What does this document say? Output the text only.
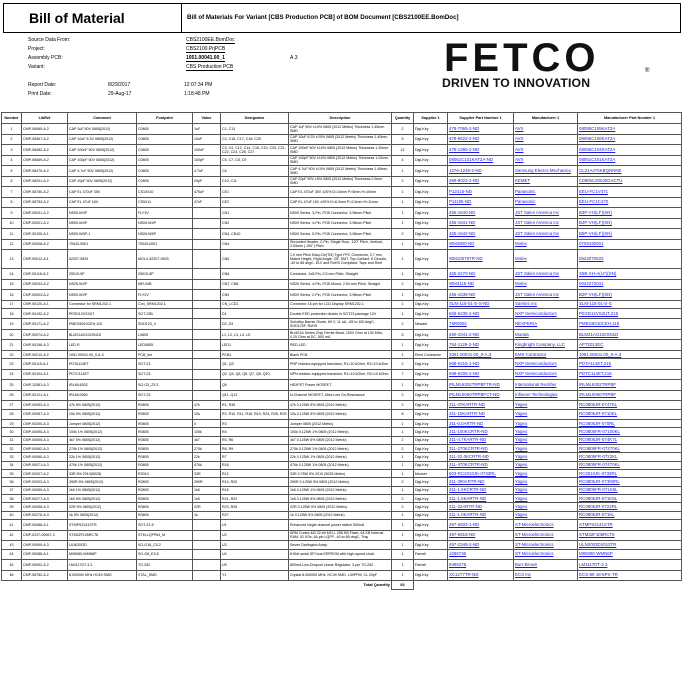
Bill of Material	Bill of Materials For Variant [CBS Production PCB] of BOM Document [CBS2100EE.BomDoc]
Source Data From:	CBS2100EE.BomDoc
Project:	CBS2100.PrjPCB
Assembly PCB:	1051.00041.00_1	A.3
Variant:	CBS Production PCB
Report Date:	8/29/2017	12:07:34 PM
Print Date:	29-Aug-17	1:18:48 PM
FETCO
DRIVEN TO INNOVATION
®
Number	LibRef	Comment	Footprint	Value	Designator	Description	Quantity	Supplier 1	Supplier Part Number 1	Manufacturer 1	Manufacturer Part Number 1
1	CMP-08465-A.2	CAP 1uF 50V 0805(2012)	C0805	1uF	C1, C13	CAP 1uF 50V ±10% 0805 (2012 Metric) Thickness 1.45mm SMD	2	Digi-Key	478-7065-2-ND	AVX	08055C105KAT2A
2	CMP-08467-A.2	CAP 10uF 6.3V 0805(2012)	C0805	10uF	C2, C15, C17, C18, C25	CAP 10uF 6.3V ±20% 0805 (2012 Metric) Thickness 1.40mm SMD	5	Digi-Key	478-5522-2-ND	AVX	08056C106KAT2A
3	CMP-08482-A.2	CAP 100nF 50V 0805(2012)	C0805	100nF	C3, C4, C12, C14, C16, C19, C20, C21, C22, C24, C26, C27	CAP 100nF 50V ±10% 0805 (2012 Metric) Thickness 1.30mm SMD	12	Digi-Key	478-1395-2-ND	AVX	08055C104KAT2A
4	CMP-08469-A.2	CAP 100pF 50V 0805(2012)	C0805	100pF	C5, C7, C8, C9	CAP 100pF 50V ±10% 0805 (2012 Metric) Thickness 1.02mm SMD	4	Digi-Key	08051C101KAT2A-ND	AVX	08051C101KAT2A
5	CMP-08470-A.2	CAP 4.7uF 50V 0805(2012)	C0805	4.7uF	C6	CAP 4.7uF 50V ±10% 0805 (2012 Metric) Thickness 1.45mm SMD	1	Digi-Key	1276-1248-2-ND	Samsung Electro-Mechanics	CL21A475KBQNNNE
6	CMP-08201-A.2	CAP 20pF 50V 0805(2012)	C0805	20pF	C10, C11	CAP 20pF 50V ±5% 0805 (2012 Metric) Thickness 0.9mm SMD	2	Digi-Key	399-8023-2-ND	KEMET	C0805C200J5GACTU
7	CMP-08750-A.2	CAP EL 470uF 35V	CS10X10	470uF	CE1	CAP EL 470uF 35V ±20% D=10mm P=5mm H=10mm	1	Digi-Key	P12416-ND	Panasonic	EEU-FC1V471
8	CMP-08753-A.2	CAP EL 47uF 16V	CS5X11	47uF	CE2	CAP EL 47uF 16V ±20% D=6.3mm P=2.5mm H=11mm	1	Digi-Key	P11195-ND	Panasonic	EEU-FC1C470
9	CMP-00031-A.2	NS09-W3P	FLY3V		CN1	NS09 Series, 3-Pin, PCB Connector, 3.96mm Pitch	1	Digi-Key	455-1640-ND	JST Sales America Inc	B3P-VH(LF)(SN)
10	CMP-00021-A.2	NS09-W4P	NS09-W4P		CN2	NS09 Series, 4-Pin, PCB Connector, 3.96mm Pitch	1	Digi-Key	455-1641-ND	JST Sales America Inc	B4P-VH(LF)(SN)
11	CMP-00105-A.1	NS09-W5P-1	NS09-W5P		CN3, CN10	NS09 Series, 5-Pin, PCB Connector, 3.96mm Pitch	2	Digi-Key	455-1642-ND	JST Sales America Inc	B5P-VH(LF)(SN)
12	CMP-00008-A.2	70543-0001	70543-0001		CN4	Shrouded Header, 2-Pin, Single Row, .120" Pitch, Vertical, 2.54mm (.100") Pitch	1	Digi-Key	WM4800-ND	Molex	0705430001
13	CMP-00012-A.1	52207-0633	MOLX-52207-0633		CN5	1.0 mm Pitch Easy-On(TM) Type FPC Connector, 2.7 mm Mated Height, Right Angle, ZIF, SMT, Top Contact, 6 Circuits, -40 to 85 degC, ELV and RoHS Compliant, Tape and Reel	1	Digi-Key	WM10576TR-ND	Molex	0522070633
14	CMP-00116-A.2	25019-5P	25019-5P		CN6	Connector, 1x5-Pin, 2.5 mm Pitch, Straight	1	Digi-Key	455-2270-ND	JST Sales America Inc	S5B-XH-A(LF)(SN)
15	CMP-00033-A.2	NS25-W4P	WR-04B		CN7, CN8	NS25 Series, 4-Pin, PCB Mount, 2.54 mm Pitch, Straight	2	Digi-Key	WM4115-ND	Molex	0022272041
16	CMP-00003-A.2	NS09-W2P	FLY2V		CN9	NS09 Series, 2-Pin, PCB Connector, 3.96mm Pitch	1	Digi-Key	455-1639-ND	JST Sales America Inc	B2P-VH(LF)(SN)
17	CMP-00120-A.1	Connector for SRM1202-1	Con_SRM1202-1		CN_LCD1	Connector 15-pin for LCD Display SRM1202-1	1	Digi-Key	SLM-115-01-S-S-ND	Samtec Inc	SLM-115-01-S-S
18	CMP-00192-A.2	PESD12VS2UT	SOT-23B		D1	Double ESD protection diodes in SOT23 package 12V	1	Digi-Key	568-6235-2-ND	NXP Semiconductors	PESD12VS2UT,215
19	CMP-00171-A.2	PMEG6010CEH,115	SOD123_V		D2, D3	Schottky Barrier Diode, 60 V, 11 uA, -65 to 150 degC, SOD123F, RoHS	2	Newark	76R0692	NEXPERIA	PMEG6010CEH,115
20	CMP-00074-A.2	BLM21AG102SN1D	L0805		L1, L2, L3, L4, L5	BLM21A Series Chip Ferrite Bead, 1000 Ohm at 100 MHz, 0.25 Ohm at DC, 500 mA	5	Digi-Key	490-1041-2-ND	Murata	BLM21AG102SN1D
21	CMP-00156-A.3	LED R	LED0805		LED1	RED LED	1	Digi-Key	754-1129-2-ND	Kingbright Company, LLC	APT2012EC
22	CMP-00212-A.2	1051.00041.00_0-A.3	PCB_tex		PCB1	Blank PCB	1	Elect Contractor	1051.00041.00_0-A.3	EMS Contractor	1051.00041.00_0-A.3
23	CMP-00115-A.1	PDTA114ET	SOT-23		Q1, Q3	PNP resistor-equipped transistor, R1=10 kOhm, R2=10 kOhm	2	Digi-Key	568-6215-1-ND	NXP Semiconductors	PDTA114ET,215
24	CMP-00104-A.1	PDTC114ET	SOT-23		Q2, Q4, Q5, Q6, Q7, Q8, Q10	NPN resistor-equipped transistor, R1=10 kOhm, R2=10 kOhm	7	Digi-Key	568-6205-2-ND	NXP Semiconductors	PDTC114ET,215
25	CMP-12081-A.3	IRLML6302	SO-G3_Z3.3		Q9	HEXFET Power MOSFET	1	Digi-Key	IRLML6302TRPBFTR-ND	International Rectifier	IRLML6302TRPBF
26	CMP-00121-A.1	IRLML0060	SOT-23		Q11, Q12	N-Channel MOSFET, Ultra Low On-Resistance	2	Digi-Key	IRLML0060TRPBFCT-ND	Infineon Technologies	IRLML0060TRPBF
27	CMP-00053-A.3	47k 5% 0805(2012)	R0805	47k	R1, R35	47k 0.125W 5% 0805 (2012 Metric)	2	Digi-Key	311-47KARTR-ND	Yageo	RC0805JR-0747KL
28	CMP-00087-A.3	10k 5% 0805(2012)	R0805	10k	R2, R10, R11, R18, R19, R24, R26, R29	10k 0.125W 5% 0805 (2012 Metric)	8	Digi-Key	311-10KARTR-ND	Yageo	RC0805JR-0710KL
29	CMP-00200-A.3	Jumper 0805(2012)	R0805	0	R3	Jumper 0805 (2012 Metric)	1	Digi-Key	311-0.0ARTR-ND	Yageo	RC0805JR-070RL
30	CMP-00095-A.3	100k 1% 0805(2012)	R0805	100k	R4	100k 0.125W 1% 0805 (2012 Metric)	1	Digi-Key	311-100KCRTR-ND	Yageo	RC0805FR-07100KL
31	CMP-00055-A.3	4k7 5% 0805(2012)	R0805	4k7	R5, R6	4k7 0.125W 5% 0805 (2012 Metric)	2	Digi-Key	311-4.7KARTR-ND	Yageo	RC0805JR-074K7L
32	CMP-00062-A.3	270k 1% 0805(2012)	R0805	270k	R8, R9	270k 0.125W 1% 0805 (2012 Metric)	2	Digi-Key	311-270KCRTR-ND	Yageo	RC0805FR-07270KL
33	CMP-00060-A.3	22k 1% 0805(2012)	R0805	22k	R7	22k 0.125W 1% 0805 (2012 Metric)	1	Digi-Key	311-22.0KCRTR-ND	Yageo	RC0805FR-0722KL
34	CMP-00071-A.3	470k 1% 0805(2012)	R0805	470k	R16	470k 0.125W 1% 0805 (2012 Metric)	1	Digi-Key	311-470KCRTR-ND	Yageo	RC0805FR-07470KL
35	CMP-00207-A.2	33R 5% 2010(5025)	R2010	33R	R12	33R 0.75W 5% 2010 (5025 Metric)	1	Mouser	603-RC2010JK-0733RL	Yageo	RC2010JK-0733RL
36	CMP-00203-A.3	390R 5% 0805(2012)	R0805	390R	R14, R20	390R 0.125W 5% 0805 (2012 Metric)	2	Digi-Key	311-390ARTR-ND	Yageo	RC0805JR-07390RL
37	CMP-00059-A.3	1k5 1% 0805(2012)	R0805	1k5	R15	1k5 0.125W 1% 0805 (2012 Metric)	1	Digi-Key	311-1.5KCRTR-ND	Yageo	RC0805FR-071K5L
38	CMP-00277-A.3	1k5 5% 0805(2012)	R0805	1k5	R21, R22	1k5 0.125W 5% 0805 (2012 Metric)	2	Digi-Key	311-1.5KARTR-ND	Yageo	RC0805JR-071K5L
39	CMP-00058-A.3	22R 5% 0805(2012)	R0805	22R	R23, R25	22R 0.125W 5% 0805 (2012 Metric)	2	Digi-Key	311-22ARTR-ND	Yageo	RC0805JR-0722RL
40	CMP-00276-A.3	1k 5% 0805(2012)	R0805	1k	R27	1k 0.125W 5% 0805 (2012 Metric)	1	Digi-Key	311-1.0KARTR-ND	Yageo	RC0805JR-071KL
41	CMP-00086-A.1	STMPS2141STR	SOT-23-5		U1	Enhanced single channel power switch 500mA	1	Digi-Key	497-6933-1-ND	ST-Microelectronics	STMPS2141STR
42	CMP-0237-00067-3	STM32F105RCT6	STM-LQFP64_M		U2	ARM Cortex-M3 32-bit MCU, 256 KB Flash, 64 KB Internal RAM, 51 I/Os, 64-pin LQFP, -40 to 85 degC, Tray	1	Digi-Key	497-6915-ND	ST-Microelectronics	STM32F105RCT6
43	CMP-00099-A.3	ULN2003D	SO-G16_C5.2		U3	Seven Darlington Array	1	Digi-Key	497-2348-2-ND	ST-Microelectronics	ULN2003D1013TR
44	CMP-00088-A.1	M95080-WMN6P	SO-G8_E3.8		U4	8 Kbit serial SPI bus EEPROM with high-speed clock	1	Farnell	1096736	ST-Microelectronics	M95080-WMN6P
45	CMP-00092-A.2	LM1117DT-3.3	TO-252		U5	800mA Low-Dropout Linear Regulator, 3-pin TO-252	1	Farnell	9486275	Burr-Brown	LM1117DT-3.3
46	CMP-08782-A.2	8.000000 MHz HC49 SMD	XTAL_SMD		Y1	Crystal 8.000000 MHz, HC49 SMD, ±30PPM, CL 20pF	1	Digi-Key	XC1277TR-ND	ECS Inc	ECS-80-18-5PX-TR
						Total Quantity	92				
